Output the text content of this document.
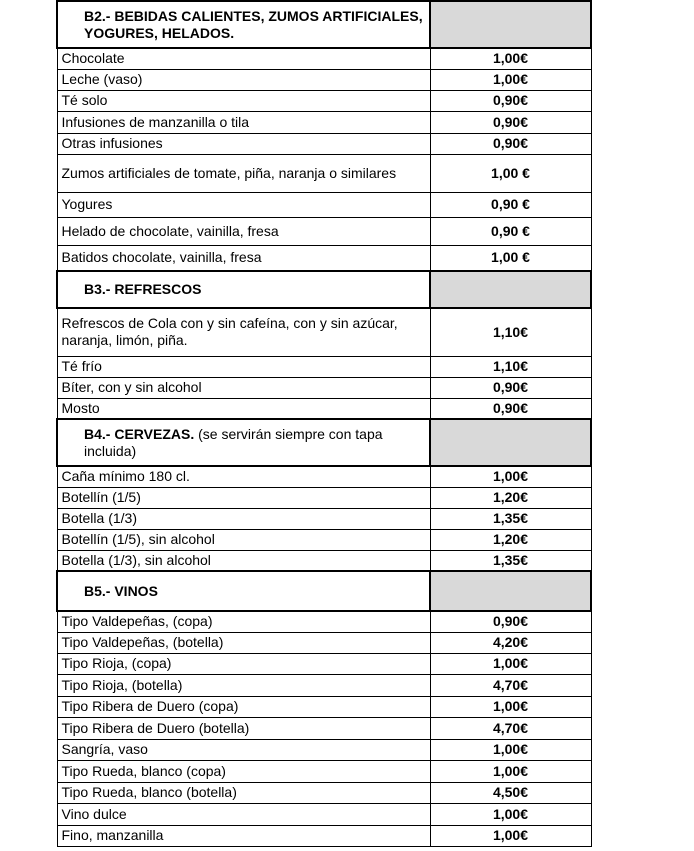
B2.- BEBIDAS CALIENTES, ZUMOS ARTIFICIALES, YOGURES, HELADOS.	
Chocolate	1,00€
Leche (vaso)	1,00€
Té solo	0,90€
Infusiones de manzanilla o tila	0,90€
Otras infusiones	0,90€
Zumos artificiales de tomate, piña, naranja o similares	1,00 €
Yogures	0,90 €
Helado de chocolate, vainilla, fresa	0,90 €
Batidos chocolate, vainilla, fresa	1,00 €
B3.- REFRESCOS	
Refrescos de Cola con y sin cafeína, con y sin azúcar, naranja, limón, piña.	1,10€
Té frío	1,10€
Bíter, con y sin alcohol	0,90€
Mosto	0,90€
B4.- CERVEZAS. (se servirán siempre con tapa incluida)	
Caña mínimo 180 cl.	1,00€
Botellín (1/5)	1,20€
Botella (1/3)	1,35€
Botellín (1/5), sin alcohol	1,20€
Botella (1/3), sin alcohol	1,35€
B5.- VINOS	
Tipo Valdepeñas, (copa)	0,90€
Tipo Valdepeñas, (botella)	4,20€
Tipo Rioja, (copa)	1,00€
Tipo Rioja, (botella)	4,70€
Tipo Ribera de Duero (copa)	1,00€
Tipo Ribera de Duero (botella)	4,70€
Sangría, vaso	1,00€
Tipo Rueda, blanco (copa)	1,00€
Tipo Rueda, blanco (botella)	4,50€
Vino dulce	1,00€
Fino, manzanilla	1,00€
